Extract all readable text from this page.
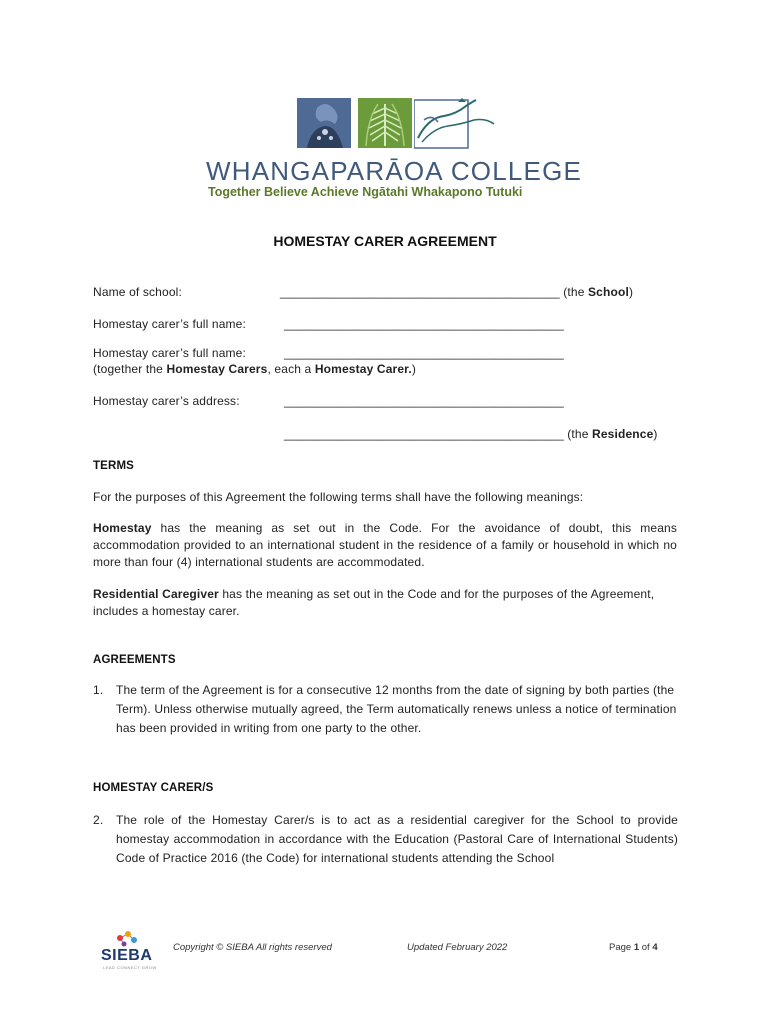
WHANGAPARĀOA COLLEGE
Together Believe Achieve Ngātahi Whakapono Tutuki
HOMESTAY CARER AGREEMENT
Name of school:	_________________________________________ (the School)
Homestay carer’s full name:	_________________________________________
Homestay carer’s full name:	_________________________________________
(together the Homestay Carers, each a Homestay Carer.)
Homestay carer’s address:	_________________________________________
_________________________________________ (the Residence)
TERMS
For the purposes of this Agreement the following terms shall have the following meanings:
Homestay has the meaning as set out in the Code. For the avoidance of doubt, this means accommodation provided to an international student in the residence of a family or household in which no more than four (4) international students are accommodated.
Residential Caregiver has the meaning as set out in the Code and for the purposes of the Agreement, includes a homestay carer.
AGREEMENTS
1. The term of the Agreement is for a consecutive 12 months from the date of signing by both parties (the Term). Unless otherwise mutually agreed, the Term automatically renews unless a notice of termination has been provided in writing from one party to the other.
HOMESTAY CARER/S
2. The role of the Homestay Carer/s is to act as a residential caregiver for the School to provide homestay accommodation in accordance with the Education (Pastoral Care of International Students) Code of Practice 2016 (the Code) for international students attending the School
SIEBA
LEAD CONNECT GROW
Copyright © SIEBA All rights reserved	Updated February 2022	Page 1 of 4
